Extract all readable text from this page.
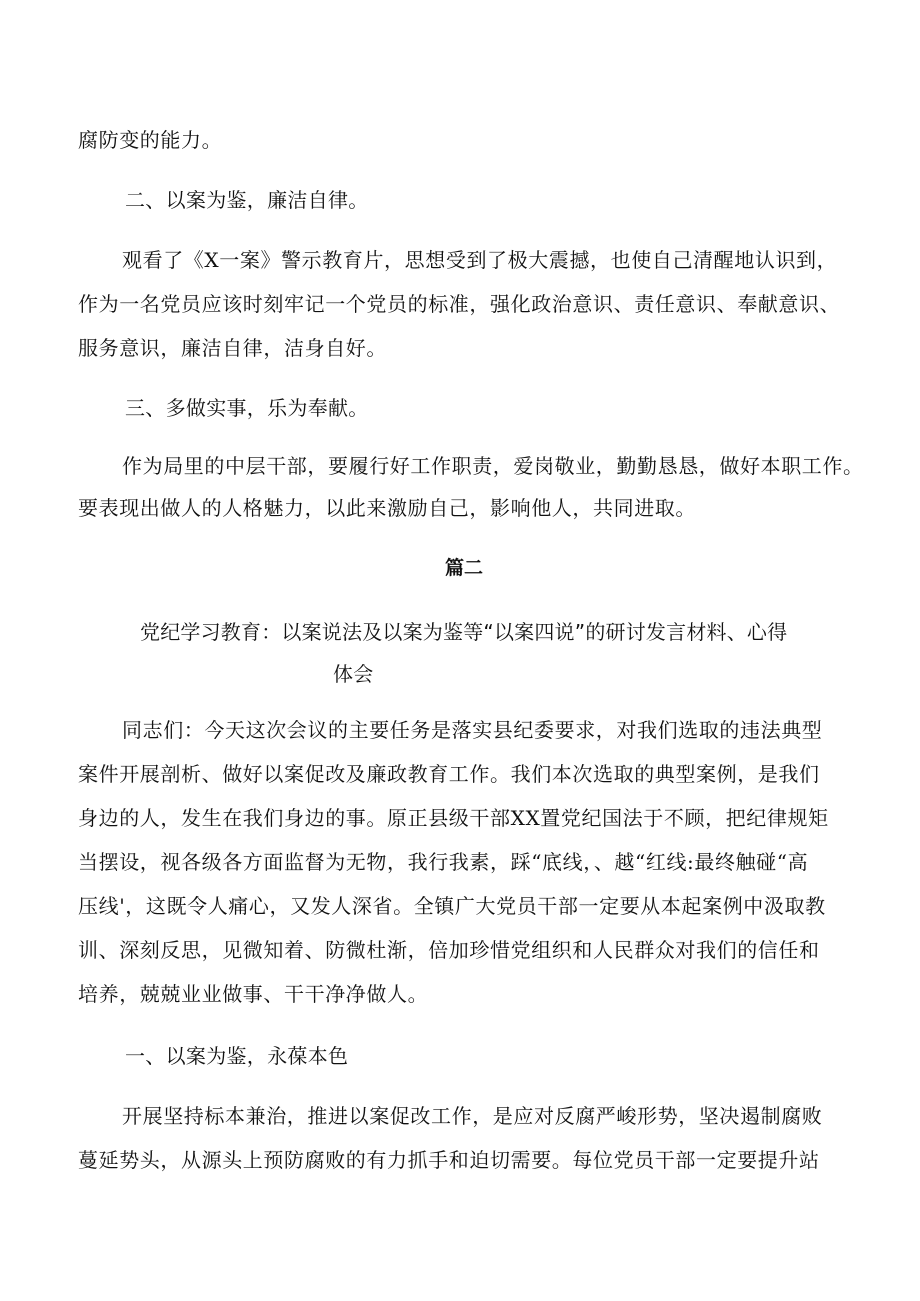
腐防变的能力。

二、以案为鉴，廉洁自律。

观看了《X一案》警示教育片，思想受到了极大震撼，也使自己清醒地认识到，

作为一名党员应该时刻牢记一个党员的标准，强化政治意识、责任意识、奉献意识、

服务意识，廉洁自律，洁身自好。

三、多做实事，乐为奉献。

作为局里的中层干部，要履行好工作职责，爱岗敬业，勤勤恳恳，做好本职工作。

要表现出做人的人格魅力，以此来激励自己，影响他人，共同进取。

篇二

党纪学习教育：以案说法及以案为鉴等“以案四说”的研讨发言材料、心得

体会

同志们：今天这次会议的主要任务是落实县纪委要求，对我们选取的违法典型

案件开展剖析、做好以案促改及廉政教育工作。我们本次选取的典型案例，是我们

身边的人，发生在我们身边的事。原正县级干部XX置党纪国法于不顾，把纪律规矩

当摆设，视各级各方面监督为无物，我行我素，踩“底线，、越“红线:最终触碰“高

压线'，这既令人痛心，又发人深省。全镇广大党员干部一定要从本起案例中汲取教

训、深刻反思，见微知着、防微杜渐，倍加珍惜党组织和人民群众对我们的信任和

培养，兢兢业业做事、干干净净做人。

一、以案为鉴，永葆本色

开展坚持标本兼治，推进以案促改工作，是应对反腐严峻形势，坚决遏制腐败

蔓延势头，从源头上预防腐败的有力抓手和迫切需要。每位党员干部一定要提升站
